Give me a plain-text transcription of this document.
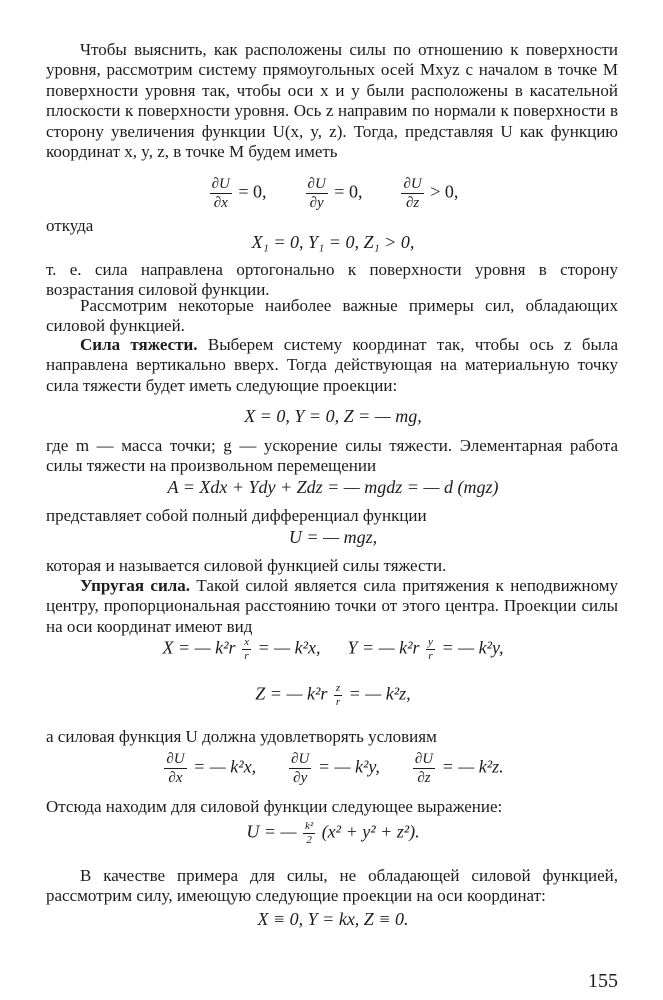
Чтобы выяснить, как расположены силы по отношению к поверхности уровня, рассмотрим систему прямоугольных осей Mxyz с началом в точке M поверхности уровня так, чтобы оси x и y были расположены в касательной плоскости к поверхности уровня. Ось z направим по нормали к поверхности в сторону увеличения функции U(x, y, z). Тогда, представляя U как функцию координат x, y, z, в точке M будем иметь

$\frac{\partial U}{\partial x} = 0$,	$\frac{\partial U}{\partial y} = 0$,	$\frac{\partial U}{\partial z} > 0$,

откуда

X₁ = 0, Y₁ = 0, Z₁ > 0,

т. е. сила направлена ортогонально к поверхности уровня в сторону возрастания силовой функции.

Рассмотрим некоторые наиболее важные примеры сил, обладающих силовой функцией.

Сила тяжести. Выберем систему координат так, чтобы ось z была направлена вертикально вверх. Тогда действующая на материальную точку сила тяжести будет иметь следующие проекции:

X = 0, Y = 0, Z = — mg,

где m — масса точки; g — ускорение силы тяжести. Элементарная работа силы тяжести на произвольном перемещении

A = Xdx + Ydy + Zdz = — mgdz = — d (mgz)

представляет собой полный дифференциал функции

U = — mgz,

которая и называется силовой функцией силы тяжести.

Упругая сила. Такой силой является сила притяжения к неподвижному центру, пропорциональная расстоянию точки от этого центра. Проекции силы на оси координат имеют вид

X = — $k^2r \frac{x}{r}$ = — k²x, Y = — $k^2r \frac{y}{r}$ = — k²y,
Z = — $k^2r \frac{z}{r}$ = — k²z,

а силовая функция U должна удовлетворять условиям

$\frac{\partial U}{\partial x}$ = — k²x, $\frac{\partial U}{\partial y}$ = — k²y, $\frac{\partial U}{\partial z}$ = — k²z.

Отсюда находим для силовой функции следующее выражение:

U = — $\frac{\text{k²}}{2} (x^2 + y^2 + z^2)$.

В качестве примера для силы, не обладающей силовой функцией, рассмотрим силу, имеющую следующие проекции на оси координат:

X ≡ 0, Y = kx, Z ≡ 0.
155
